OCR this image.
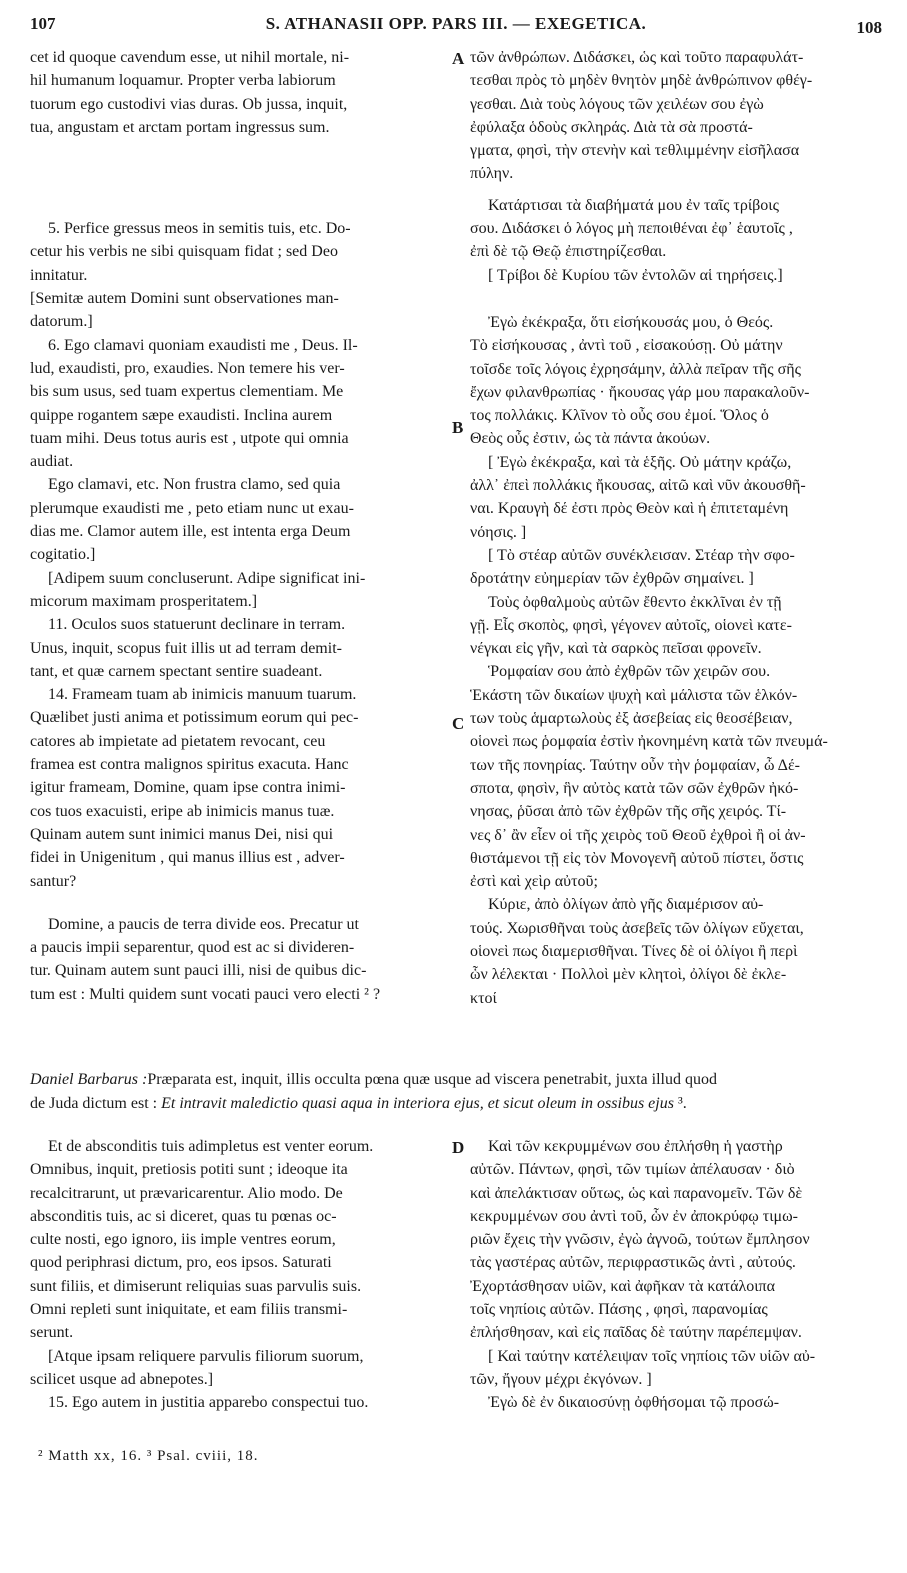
107	S. ATHANASII OPP. PARS III. — EXEGETICA.	108

cet id quoque cavendum esse, ut nihil mortale, ni-

hil humanum loquamur. Propter verba labiorum

tuorum ego custodivi vias duras. Ob jussa, inquit,

tua, angustam et arctam portam ingressus sum.

5. Perfice gressus meos in semitis tuis, etc. Do-

cetur his verbis ne sibi quisquam fidat ; sed Deo

innitatur.

[Semitæ autem Domini sunt observationes man-

datorum.]

6. Ego clamavi quoniam exaudisti me , Deus. Il-

lud, exaudisti, pro, exaudies. Non temere his ver-

bis sum usus, sed tuam expertus clementiam. Me

quippe rogantem sæpe exaudisti. Inclina aurem

tuam mihi. Deus totus auris est , utpote qui omnia

audiat.

Ego clamavi, etc. Non frustra clamo, sed quia

plerumque exaudisti me , peto etiam nunc ut exau-

dias me. Clamor autem ille, est intenta erga Deum

cogitatio.]

[Adipem suum concluserunt. Adipe significat ini-

micorum maximam prosperitatem.]

11. Oculos suos statuerunt declinare in terram.

Unus, inquit, scopus fuit illis ut ad terram demit-

tant, et quæ carnem spectant sentire suadeant.

14. Frameam tuam ab inimicis manuum tuarum.

Quælibet justi anima et potissimum eorum qui pec-

catores ab impietate ad pietatem revocant, ceu

framea est contra malignos spiritus exacuta. Hanc

igitur frameam, Domine, quam ipse contra inimi-

cos tuos exacuisti, eripe ab inimicis manus tuæ.

Quinam autem sunt inimici manus Dei, nisi qui

fidei in Unigenitum , qui manus illius est , adver-

santur?

Domine, a paucis de terra divide eos. Precatur ut

a paucis impii separentur, quod est ac si divideren-

tur. Quinam autem sunt pauci illi, nisi de quibus dic-

tum est : Multi quidem sunt vocati pauci vero electi ² ?

τῶν ἀνθρώπων. Διδάσκει, ὡς καὶ τοῦτο παραφυλάτ-

τεσθαι πρὸς τὸ μηδὲν θνητὸν μηδὲ ἀνθρώπινον φθέγ-

γεσθαι. Διὰ τοὺς λόγους τῶν χειλέων σου ἐγὼ

ἐφύλαξα ὁδοὺς σκληράς. Διὰ τὰ σὰ προστά-

γματα, φησὶ, τὴν στενὴν καὶ τεθλιμμένην εἰσῆλασα

πύλην.

Κατάρτισαι τὰ διαβήματά μου ἐν ταῖς τρίβοις

σου. Διδάσκει ὁ λόγος μὴ πεποιθέναι ἐφ᾽ ἑαυτοῖς ,

ἐπὶ δὲ τῷ Θεῷ ἐπιστηρίζεσθαι.

[ Τρίβοι δὲ Κυρίου τῶν ἐντολῶν αἱ τηρήσεις.]

Ἐγὼ ἐκέκραξα, ὅτι εἰσήκουσάς μου, ὁ Θεός.

Τὸ εἰσήκουσας , ἀντὶ τοῦ , εἰσακούσῃ. Οὐ μάτην

τοῖσδε τοῖς λόγοις ἐχρησάμην, ἀλλὰ πεῖραν τῆς σῆς

ἔχων φιλανθρωπίας · ἤκουσας γάρ μου παρακαλοῦν-

τος πολλάκις. Κλῖνον τὸ οὖς σου ἐμοί. Ὅλος ὁ

Θεὸς οὖς ἐστιν, ὡς τὰ πάντα ἀκούων.

[ Ἐγὼ ἐκέκραξα, καὶ τὰ ἑξῆς. Οὐ μάτην κράζω,

ἀλλ᾽ ἐπεὶ πολλάκις ἤκουσας, αἰτῶ καὶ νῦν ἀκουσθῆ-

ναι. Κραυγὴ δέ ἐστι πρὸς Θεὸν καὶ ἡ ἐπιτεταμένη

νόησις. ]

[ Τὸ στέαρ αὐτῶν συνέκλεισαν. Στέαρ τὴν σφο-

δροτάτην εὐημερίαν τῶν ἐχθρῶν σημαίνει. ]

Τοὺς ὀφθαλμοὺς αὐτῶν ἔθεντο ἐκκλῖναι ἐν τῇ

γῇ. Εἷς σκοπὸς, φησὶ, γέγονεν αὐτοῖς, οἱονεὶ κατε-

νέγκαι εἰς γῆν, καὶ τὰ σαρκὸς πεῖσαι φρονεῖν.

Ῥομφαίαν σου ἀπὸ ἐχθρῶν τῶν χειρῶν σου.

Ἑκάστη τῶν δικαίων ψυχὴ καὶ μάλιστα τῶν ἑλκόν-

των τοὺς ἁμαρτωλοὺς ἐξ ἀσεβείας εἰς θεοσέβειαν,

οἱονεὶ πως ῥομφαία ἐστὶν ἠκονημένη κατὰ τῶν πνευμά-

των τῆς πονηρίας. Ταύτην οὖν τὴν ῥομφαίαν, ὦ Δέ-

σποτα, φησὶν, ἣν αὐτὸς κατὰ τῶν σῶν ἐχθρῶν ἠκό-

νησας, ῥῦσαι ἀπὸ τῶν ἐχθρῶν τῆς σῆς χειρός. Τί-

νες δ᾽ ἂν εἶεν οἱ τῆς χειρὸς τοῦ Θεοῦ ἐχθροὶ ἢ οἱ ἀν-

θιστάμενοι τῇ εἰς τὸν Μονογενῆ αὐτοῦ πίστει, ὅστις

ἐστὶ καὶ χεὶρ αὐτοῦ;

Κύριε, ἀπὸ ὀλίγων ἀπὸ γῆς διαμέρισον αὐ-

τούς. Χωρισθῆναι τοὺς ἀσεβεῖς τῶν ὀλίγων εὔχεται,

οἱονεὶ πως διαμερισθῆναι. Τίνες δὲ οἱ ὀλίγοι ἢ περὶ

ὧν λέλεκται · Πολλοὶ μὲν κλητοὶ, ὀλίγοι δὲ ἐκλε-

κτοί

A
B
C
D

Daniel Barbarus :Præparata est, inquit, illis occulta pœna quæ usque ad viscera penetrabit, juxta illud quod

de Juda dictum est : Et intravit maledictio quasi aqua in interiora ejus, et sicut oleum in ossibus ejus ³.

Et de absconditis tuis adimpletus est venter eorum.

Omnibus, inquit, pretiosis potiti sunt ; ideoque ita

recalcitrarunt, ut prævaricarentur. Alio modo. De

absconditis tuis, ac si diceret, quas tu pœnas oc-

culte nosti, ego ignoro, iis imple ventres eorum,

quod periphrasi dictum, pro, eos ipsos. Saturati

sunt filiis, et dimiserunt reliquias suas parvulis suis.

Omni repleti sunt iniquitate, et eam filiis transmi-

serunt.

[Atque ipsam reliquere parvulis filiorum suorum,

scilicet usque ad abnepotes.]

15. Ego autem in justitia apparebo conspectui tuo.

Καὶ τῶν κεκρυμμένων σου ἐπλήσθη ἡ γαστὴρ

αὐτῶν. Πάντων, φησὶ, τῶν τιμίων ἀπέλαυσαν · διὸ

καὶ ἀπελάκτισαν οὕτως, ὡς καὶ παρανομεῖν. Τῶν δὲ

κεκρυμμένων σου ἀντὶ τοῦ, ὧν ἐν ἀποκρύφῳ τιμω-

ριῶν ἔχεις τὴν γνῶσιν, ἐγὼ ἀγνοῶ, τούτων ἔμπλησον

τὰς γαστέρας αὐτῶν, περιφραστικῶς ἀντὶ , αὐτούς.

Ἐχορτάσθησαν υἱῶν, καὶ ἀφῆκαν τὰ κατάλοιπα

τοῖς νηπίοις αὐτῶν. Πάσης , φησὶ, παρανομίας

ἐπλήσθησαν, καὶ εἰς παῖδας δὲ ταύτην παρέπεμψαν.

[ Καὶ ταύτην κατέλειψαν τοῖς νηπίοις τῶν υἱῶν αὐ-

τῶν, ἤγουν μέχρι ἐκγόνων. ]

Ἐγὼ δὲ ἐν δικαιοσύνῃ ὀφθήσομαι τῷ προσώ-

² Matth xx, 16. ³ Psal. cviii, 18.
